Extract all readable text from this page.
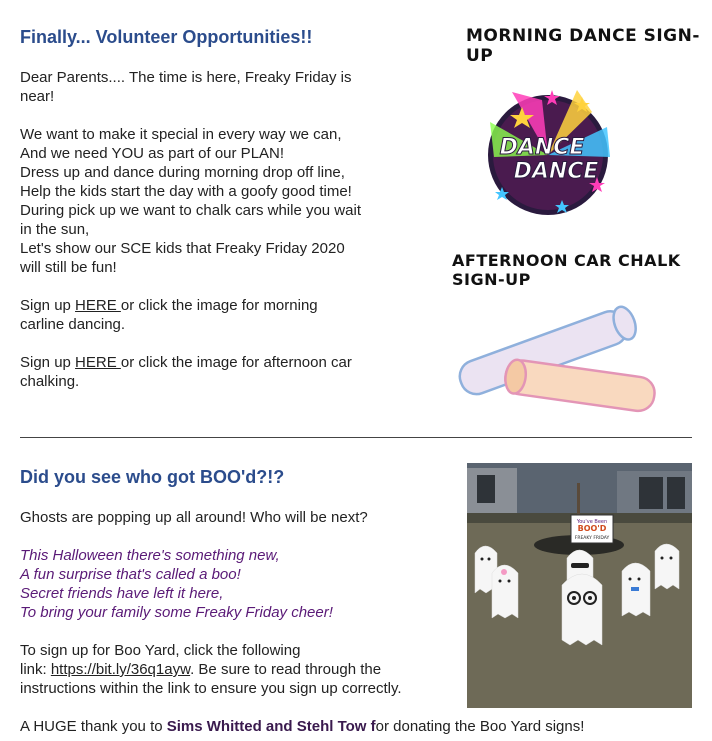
Finally... Volunteer Opportunities!!
Dear Parents.... The time is here, Freaky Friday is
near!
We want to make it special in every way we can,
And we need YOU as part of our PLAN!
Dress up and dance during morning drop off line,
Help the kids start the day with a goofy good time!
During pick up we want to chalk cars while you wait
in the sun,
Let's show our SCE kids that Freaky Friday 2020
will still be fun!
Sign up HERE or click the image for morning
carline dancing.
Sign up HERE or click the image for afternoon car
chalking.
MORNING DANCE SIGN-UP
DANCE
DANCE
AFTERNOON CAR CHALK SIGN-UP
Did you see who got BOO'd?!?
Ghosts are popping up all around! Who will be next?
This Halloween there's something new,
A fun surprise that's called a boo!
Secret friends have left it here,
To bring your family some Freaky Friday cheer!
To sign up for Boo Yard, click the following
link: https://bit.ly/36q1ayw. Be sure to read through the
instructions within the link to ensure you sign up correctly.
A HUGE thank you to Sims Whitted and Stehl Tow for donating the Boo Yard signs!
You've Been
BOO'D
FREAKY FRIDAY
